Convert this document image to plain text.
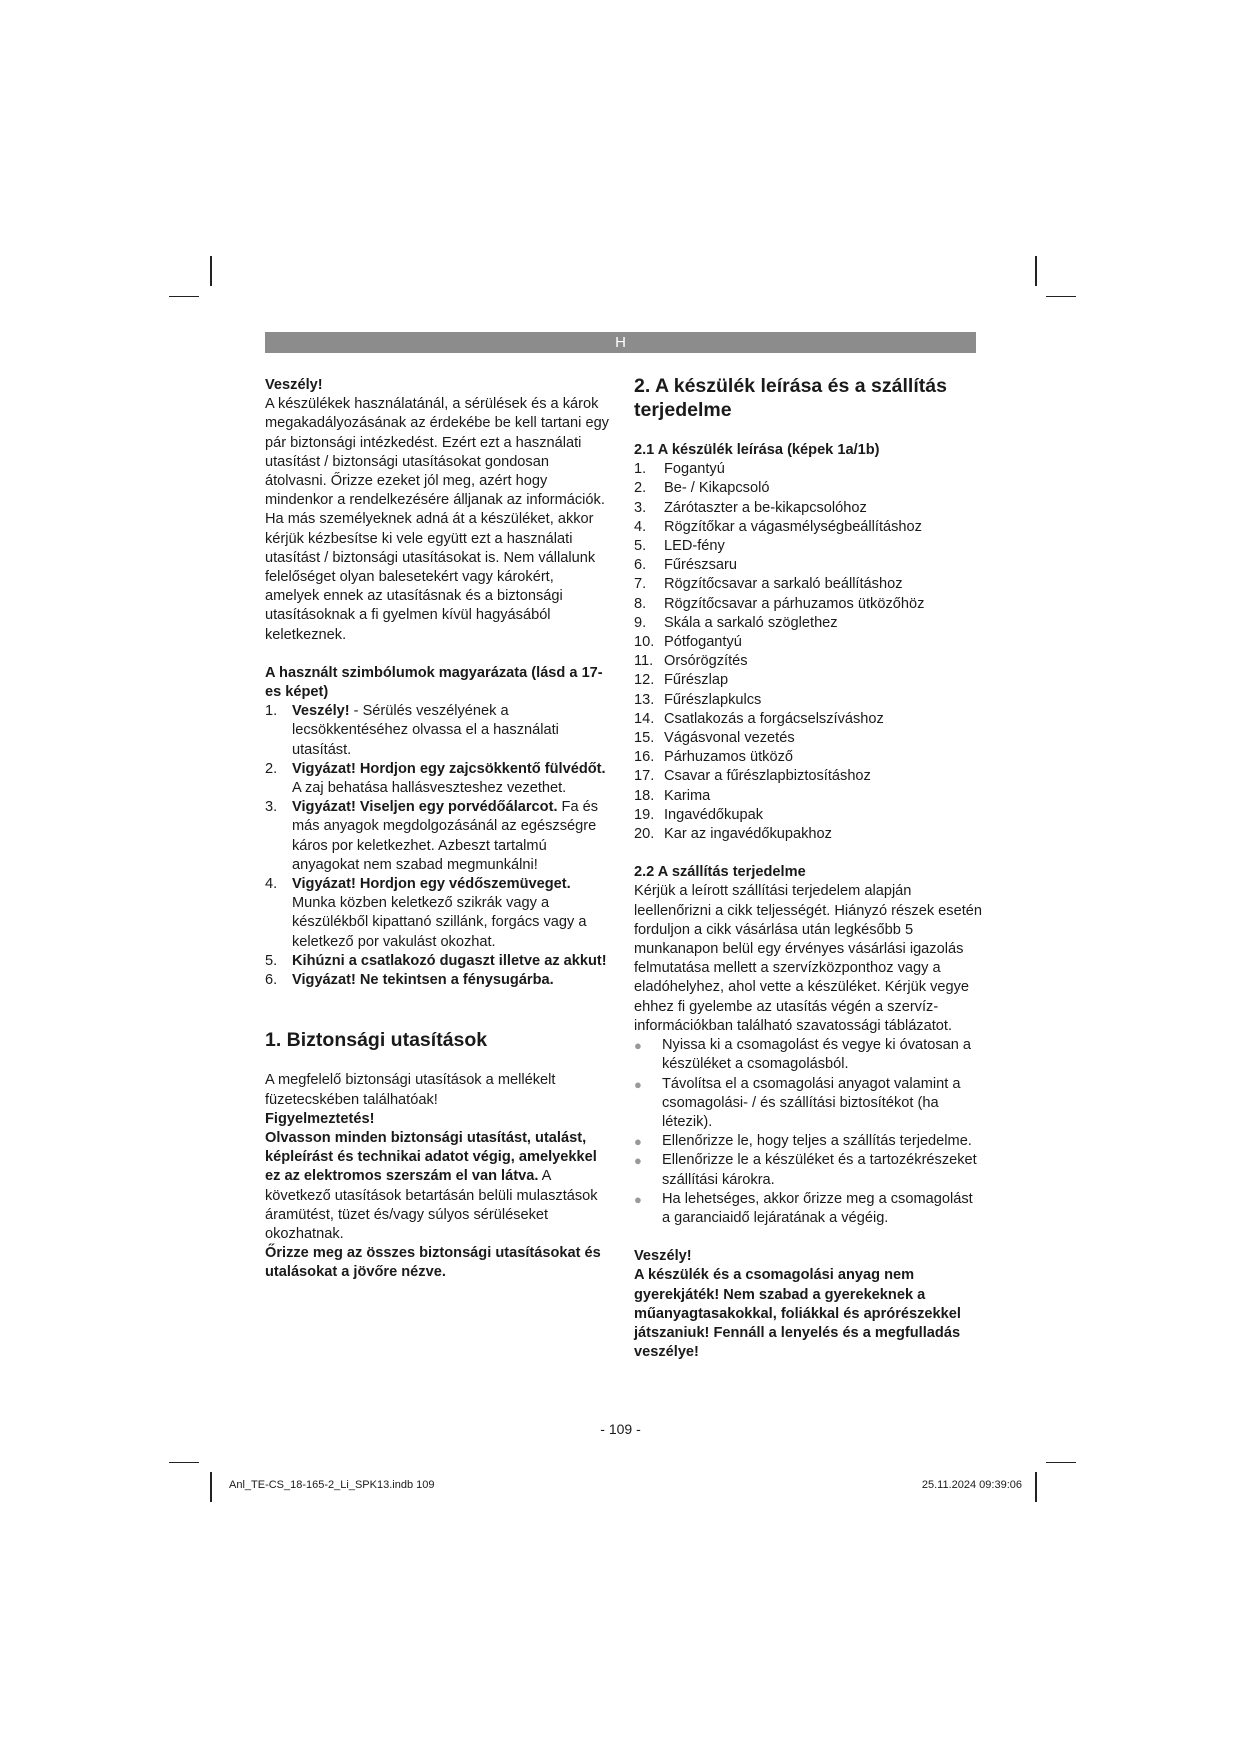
H

Veszély!

A készülékek használatánál, a sérülések és a károk megakadályozásának az érdekébe be kell tartani egy pár biztonsági intézkedést. Ezért ezt a használati utasítást / biztonsági utasításokat gondosan átolvasni. Őrizze ezeket jól meg, azért hogy mindenkor a rendelkezésére álljanak az információk. Ha más személyeknek adná át a készüléket, akkor kérjük kézbesítse ki vele együtt ezt a használati utasítást / biztonsági utasításokat is. Nem vállalunk felelőséget olyan balesetekért vagy károkért, amelyek ennek az utasításnak és a biztonsági utasításoknak a fi gyelmen kívül hagyásából keletkeznek.

A használt szimbólumok magyarázata (lásd a 17-es képet)

1. Veszély! - Sérülés veszélyének a lecsökkentéséhez olvassa el a használati utasítást.
2. Vigyázat! Hordjon egy zajcsökkentő fülvédőt. A zaj behatása hallásveszteshez vezethet.
3. Vigyázat! Viseljen egy porvédőálarcot. Fa és más anyagok megdolgozásánál az egészségre káros por keletkezhet. Azbeszt tartalmú anyagokat nem szabad megmunkálni!
4. Vigyázat! Hordjon egy védőszemüveget. Munka közben keletkező szikrák vagy a készülékből kipattanó szillánk, forgács vagy a keletkező por vakulást okozhat.
5. Kihúzni a csatlakozó dugaszt illetve az akkut!
6. Vigyázat! Ne tekintsen a fénysugárba.

1. Biztonsági utasítások

A megfelelő biztonsági utasítások a mellékelt füzetecskében találhatóak!

Figyelmeztetés!

Olvasson minden biztonsági utasítást, utalást, képleírást és technikai adatot végig, amelyekkel ez az elektromos szerszám el van látva. A következő utasítások betartásán belüli mulasztások áramütést, tüzet és/vagy súlyos sérüléseket okozhatnak.

Őrizze meg az összes biztonsági utasításokat és utalásokat a jövőre nézve.

2. A készülék leírása és a szállítás terjedelme

2.1 A készülék leírása (képek 1a/1b)

1. Fogantyú
2. Be- / Kikapcsoló
3. Zárótaszter a be-kikapcsolóhoz
4. Rögzítőkar a vágasmélységbeállításhoz
5. LED-fény
6. Fűrészsaru
7. Rögzítőcsavar a sarkaló beállításhoz
8. Rögzítőcsavar a párhuzamos ütközőhöz
9. Skála a sarkaló szöglethez
10. Pótfogantyú
11. Orsórögzítés
12. Fűrészlap
13. Fűrészlapkulcs
14. Csatlakozás a forgácselszíváshoz
15. Vágásvonal vezetés
16. Párhuzamos ütköző
17. Csavar a fűrészlapbiztosításhoz
18. Karima
19. Ingavédőkupak
20. Kar az ingavédőkupakhoz

2.2 A szállítás terjedelme

Kérjük a leírott szállítási terjedelem alapján leellenőrizni a cikk teljességét. Hiányzó részek esetén forduljon a cikk vásárlása után legkésőbb 5 munkanapon belül egy érvényes vásárlási igazolás felmutatása mellett a szervízközponthoz vagy a eladóhelyhez, ahol vette a készüléket. Kérjük vegye ehhez fi gyelembe az utasítás végén a szervíz-információkban található szavatossági táblázatot.

● Nyissa ki a csomagolást és vegye ki óvatosan a készüléket a csomagolásból.
● Távolítsa el a csomagolási anyagot valamint a csomagolási- / és szállítási biztosítékot (ha létezik).
● Ellenőrizze le, hogy teljes a szállítás terjedelme.
● Ellenőrizze le a készüléket és a tartozékrészeket szállítási károkra.
● Ha lehetséges, akkor őrizze meg a csomagolást a garanciaidő lejáratának a végéig.

Veszély!

A készülék és a csomagolási anyag nem gyerekjáték! Nem szabad a gyerekeknek a műanyagtasakokkal, foliákkal és aprórészekkel játszaniuk! Fennáll a lenyelés és a megfulladás veszélye!

- 109 -
Anl_TE-CS_18-165-2_Li_SPK13.indb 109	25.11.2024 09:39:06
